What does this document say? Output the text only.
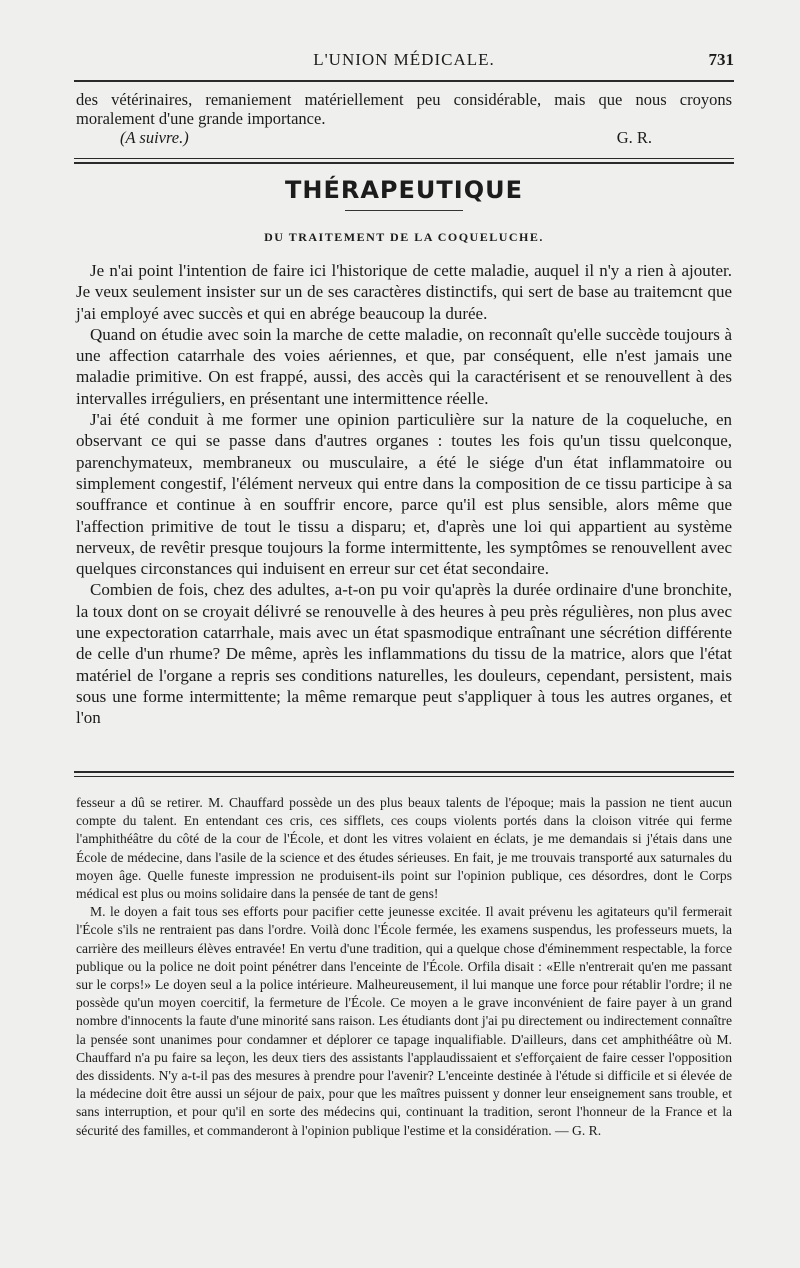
L'UNION MÉDICALE.	731

des vétérinaires, remaniement matériellement peu considérable, mais que nous croyons moralement d'une grande importance.

(A suivre.)	G. R.
THÉRAPEUTIQUE
DU TRAITEMENT DE LA COQUELUCHE.

Je n'ai point l'intention de faire ici l'historique de cette maladie, auquel il n'y a rien à ajouter. Je veux seulement insister sur un de ses caractères distinctifs, qui sert de base au traitemcnt que j'ai employé avec succès et qui en abrége beaucoup la durée.

Quand on étudie avec soin la marche de cette maladie, on reconnaît qu'elle succède toujours à une affection catarrhale des voies aériennes, et que, par conséquent, elle n'est jamais une maladie primitive. On est frappé, aussi, des accès qui la caractérisent et se renouvellent à des intervalles irréguliers, en présentant une intermittence réelle.

J'ai été conduit à me former une opinion particulière sur la nature de la coqueluche, en observant ce qui se passe dans d'autres organes : toutes les fois qu'un tissu quelconque, parenchymateux, membraneux ou musculaire, a été le siége d'un état inflammatoire ou simplement congestif, l'élément nerveux qui entre dans la composition de ce tissu participe à sa souffrance et continue à en souffrir encore, parce qu'il est plus sensible, alors même que l'affection primitive de tout le tissu a disparu; et, d'après une loi qui appartient au système nerveux, de revêtir presque toujours la forme intermittente, les symptômes se renouvellent avec quelques circonstances qui induisent en erreur sur cet état secondaire.

Combien de fois, chez des adultes, a-t-on pu voir qu'après la durée ordinaire d'une bronchite, la toux dont on se croyait délivré se renouvelle à des heures à peu près régulières, non plus avec une expectoration catarrhale, mais avec un état spasmodique entraînant une sécrétion différente de celle d'un rhume? De même, après les inflammations du tissu de la matrice, alors que l'état matériel de l'organe a repris ses conditions naturelles, les douleurs, cependant, persistent, mais sous une forme intermittente; la même remarque peut s'appliquer à tous les autres organes, et l'on

fesseur a dû se retirer. M. Chauffard possède un des plus beaux talents de l'époque; mais la passion ne tient aucun compte du talent. En entendant ces cris, ces sifflets, ces coups violents portés dans la cloison vitrée qui ferme l'amphithéâtre du côté de la cour de l'École, et dont les vitres volaient en éclats, je me demandais si j'étais dans une École de médecine, dans l'asile de la science et des études sérieuses. En fait, je me trouvais transporté aux saturnales du moyen âge. Quelle funeste impression ne produisent-ils point sur l'opinion publique, ces désordres, dont le Corps médical est plus ou moins solidaire dans la pensée de tant de gens!

M. le doyen a fait tous ses efforts pour pacifier cette jeunesse excitée. Il avait prévenu les agitateurs qu'il fermerait l'École s'ils ne rentraient pas dans l'ordre. Voilà donc l'École fermée, les examens suspendus, les professeurs muets, la carrière des meilleurs élèves entravée! En vertu d'une tradition, qui a quelque chose d'éminemment respectable, la force publique ou la police ne doit point pénétrer dans l'enceinte de l'École. Orfila disait : «Elle n'entrerait qu'en me passant sur le corps!» Le doyen seul a la police intérieure. Malheureusement, il lui manque une force pour rétablir l'ordre; il ne possède qu'un moyen coercitif, la fermeture de l'École. Ce moyen a le grave inconvénient de faire payer à un grand nombre d'innocents la faute d'une minorité sans raison. Les étudiants dont j'ai pu directement ou indirectement connaître la pensée sont unanimes pour condamner et déplorer ce tapage inqualifiable. D'ailleurs, dans cet amphithéâtre où M. Chauffard n'a pu faire sa leçon, les deux tiers des assistants l'applaudissaient et s'efforçaient de faire cesser l'opposition des dissidents. N'y a-t-il pas des mesures à prendre pour l'avenir? L'enceinte destinée à l'étude si difficile et si élevée de la médecine doit être aussi un séjour de paix, pour que les maîtres puissent y donner leur enseignement sans trouble, et sans interruption, et pour qu'il en sorte des médecins qui, continuant la tradition, seront l'honneur de la France et la sécurité des familles, et commanderont à l'opinion publique l'estime et la considération. — G. R.
